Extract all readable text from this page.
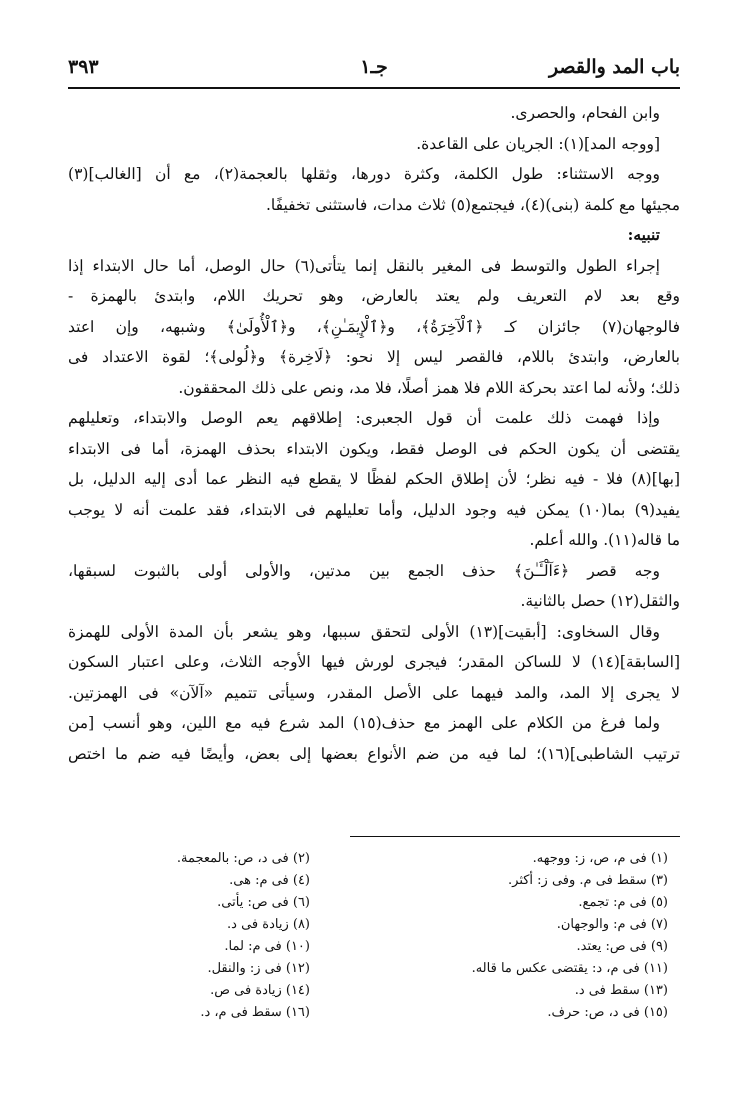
باب المد والقصر
جـ١
٣٩٣
وابن الفحام، والحصرى.
[ووجه المد](١): الجريان على القاعدة.
ووجه الاستثناء: طول الكلمة، وكثرة دورها، وثقلها بالعجمة(٢)، مع أن [الغالب](٣)
مجيئها مع كلمة (بنى)(٤)، فيجتمع(٥) ثلاث مدات، فاستثنى تخفيفًا.
تنبيه:
إجراء الطول والتوسط فى المغير بالنقل إنما يتأتى(٦) حال الوصل، أما حال الابتداء إذا
وقع بعد لام التعريف ولم يعتد بالعارض، وهو تحريك اللام، وابتدئ بالهمزة -
فالوجهان(٧) جائزان كـ ﴿ٱلْآخِرَةُ﴾، و﴿ٱلْإِيمَـٰنِ﴾، و﴿ٱلْأُولَىٰ﴾ وشبهه، وإن اعتد
بالعارض، وابتدئ باللام، فالقصر ليس إلا نحو: ﴿لَاخِرة﴾ و﴿لُولى﴾؛ لقوة الاعتداد فى
ذلك؛ ولأنه لما اعتد بحركة اللام فلا همز أصلًا، فلا مد، ونص على ذلك المحققون.
وإذا فهمت ذلك علمت أن قول الجعبرى: إطلاقهم يعم الوصل والابتداء، وتعليلهم
يقتضى أن يكون الحكم فى الوصل فقط، ويكون الابتداء بحذف الهمزة، أما فى الابتداء
[بها](٨) فلا - فيه نظر؛ لأن إطلاق الحكم لفظًا لا يقطع فيه النظر عما أدى إليه الدليل، بل
يفيد(٩) بما(١٠) يمكن فيه وجود الدليل، وأما تعليلهم فى الابتداء، فقد علمت أنه لا يوجب
ما قاله(١١). والله أعلم.
وجه قصر ﴿ءَآلْـَٔـٰنَ﴾ حذف الجمع بين مدتين، والأولى أولى بالثبوت لسبقها،
والثقل(١٢) حصل بالثانية.
وقال السخاوى: [أبقيت](١٣) الأولى لتحقق سببها، وهو يشعر بأن المدة الأولى للهمزة
[السابقة](١٤) لا للساكن المقدر؛ فيجرى لورش فيها الأوجه الثلاث، وعلى اعتبار السكون
لا يجرى إلا المد، والمد فيهما على الأصل المقدر، وسيأتى تتميم «آلآن» فى الهمزتين.
ولما فرغ من الكلام على الهمز مع حذف(١٥) المد شرع فيه مع اللين، وهو أنسب [من
ترتيب الشاطبى](١٦)؛ لما فيه من ضم الأنواع بعضها إلى بعض، وأيضًا فيه ضم ما اختص
(١) فى م، ص، ز: ووجهه.
(٣) سقط فى م. وفى ز: أكثر.
(٥) فى م: تجمع.
(٧) فى م: والوجهان.
(٩) فى ص: يعتد.
(١١) فى م، د: يقتضى عكس ما قاله.
(١٣) سقط فى د.
(١٥) فى د، ص: حرف.
(٢) فى د، ص: بالمعجمة.
(٤) فى م: هى.
(٦) فى ص: يأتى.
(٨) زيادة فى د.
(١٠) فى م: لما.
(١٢) فى ز: والنقل.
(١٤) زيادة فى ص.
(١٦) سقط فى م، د.
